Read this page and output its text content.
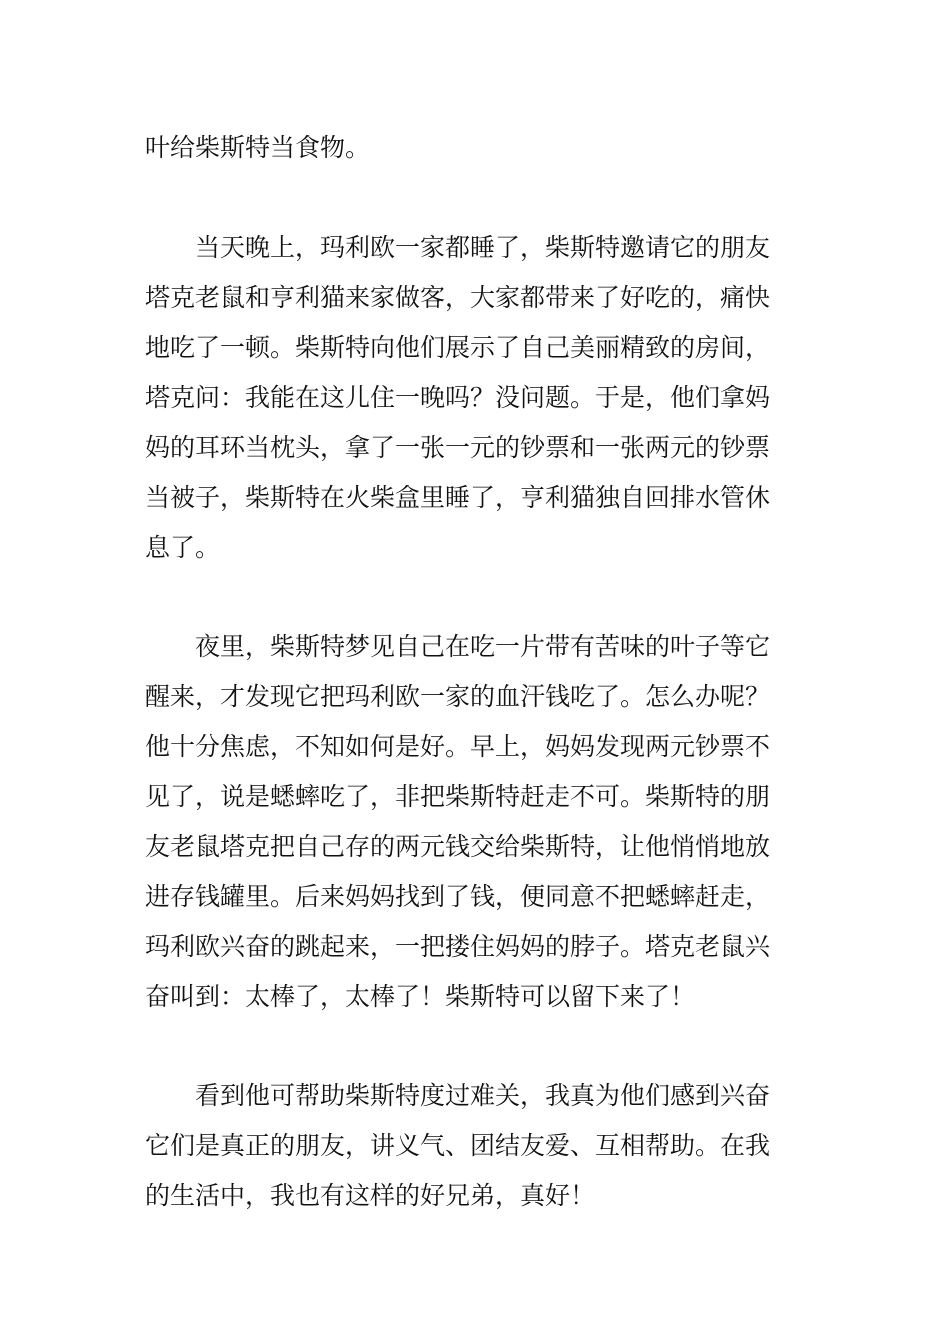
叶给柴斯特当食物。
当天晚上，玛利欧一家都睡了，柴斯特邀请它的朋友
塔克老鼠和亨利猫来家做客，大家都带来了好吃的，痛快
地吃了一顿。柴斯特向他们展示了自己美丽精致的房间，
塔克问：我能在这儿住一晚吗？没问题。于是，他们拿妈
妈的耳环当枕头，拿了一张一元的钞票和一张两元的钞票
当被子，柴斯特在火柴盒里睡了，亨利猫独自回排水管休
息了。
夜里，柴斯特梦见自己在吃一片带有苦味的叶子等它
醒来，才发现它把玛利欧一家的血汗钱吃了。怎么办呢？
他十分焦虑，不知如何是好。早上，妈妈发现两元钞票不
见了，说是蟋蟀吃了，非把柴斯特赶走不可。柴斯特的朋
友老鼠塔克把自己存的两元钱交给柴斯特，让他悄悄地放
进存钱罐里。后来妈妈找到了钱，便同意不把蟋蟀赶走，
玛利欧兴奋的跳起来，一把搂住妈妈的脖子。塔克老鼠兴
奋叫到：太棒了，太棒了！柴斯特可以留下来了！
看到他可帮助柴斯特度过难关，我真为他们感到兴奋
它们是真正的朋友，讲义气、团结友爱、互相帮助。在我
的生活中，我也有这样的好兄弟，真好！
